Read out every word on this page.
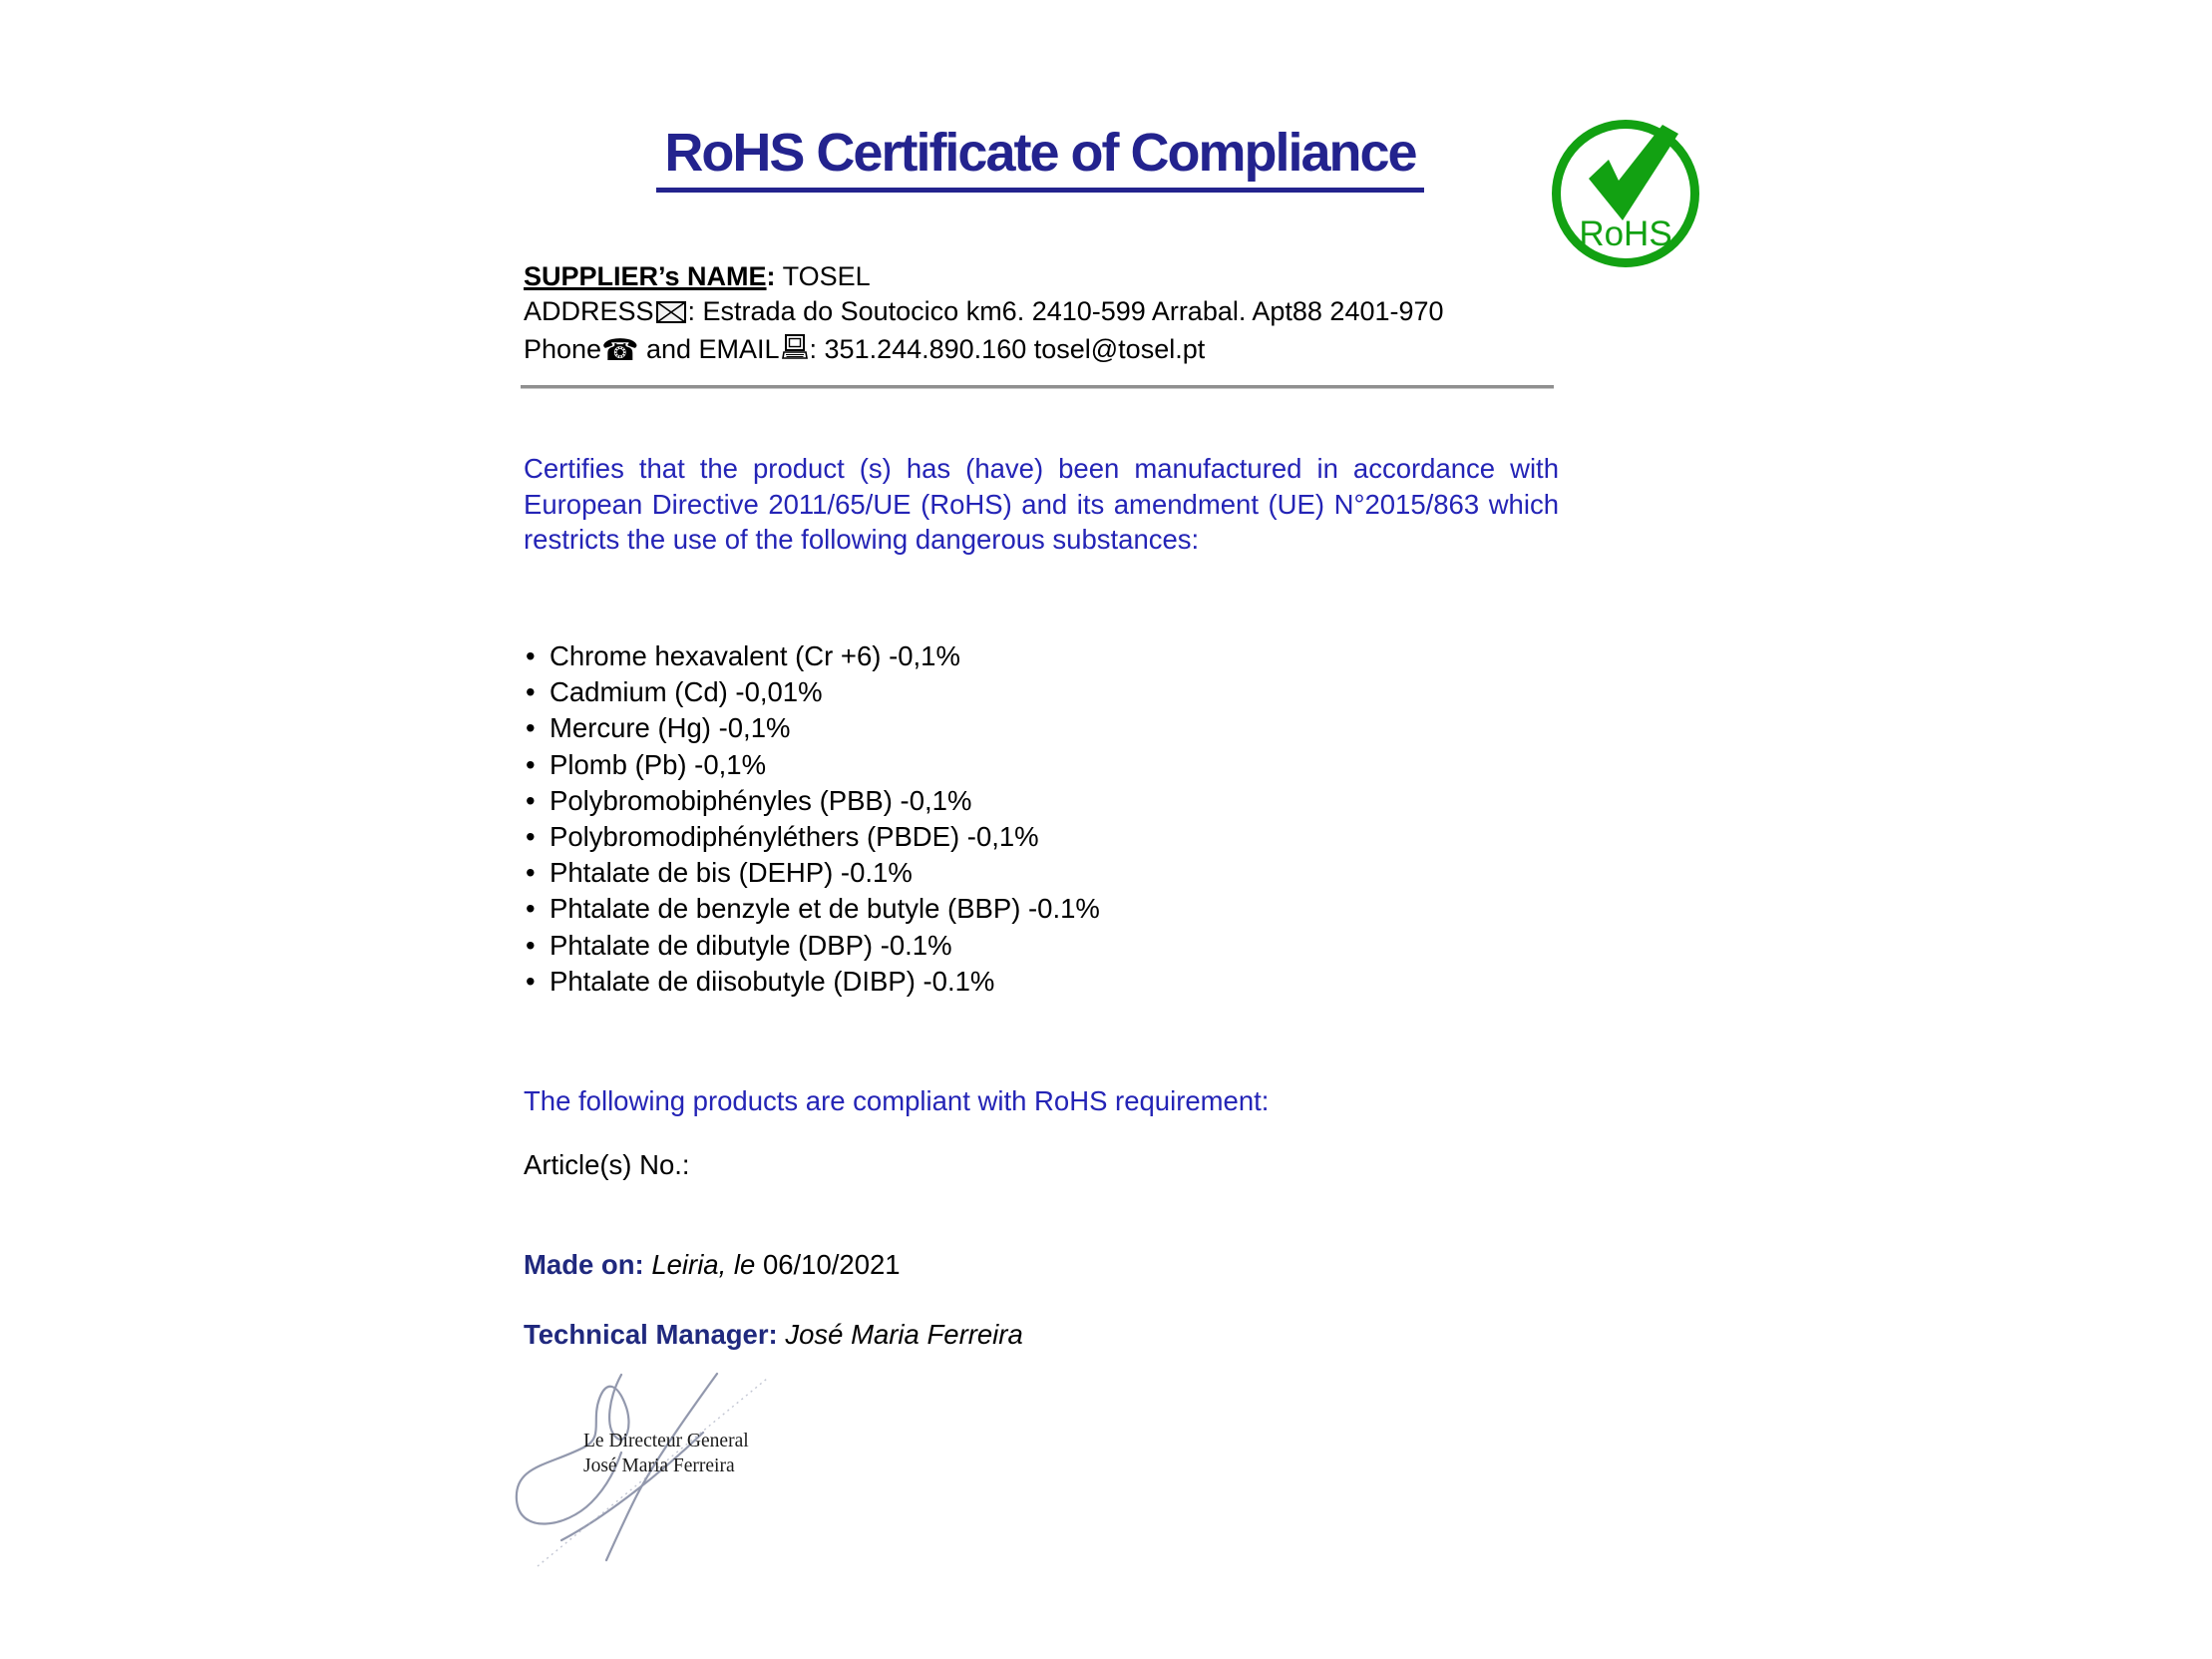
RoHS Certificate of Compliance
RoHS
SUPPLIER’s NAME: TOSEL
ADDRESS : Estrada do Soutocico km6. 2410-599 Arrabal. Apt88 2401-970
Phone☎ and EMAIL : 351.244.890.160 tosel@tosel.pt
Certifies that the product (s) has (have) been manufactured in accordance with European Directive 2011/65/UE (RoHS) and its amendment (UE) N°2015/863 which restricts the use of the following dangerous substances:
• Chrome hexavalent (Cr +6) -0,1%
• Cadmium (Cd) -0,01%
• Mercure (Hg) -0,1%
• Plomb (Pb) -0,1%
• Polybromobiphényles (PBB) -0,1%
• Polybromodiphényléthers (PBDE) -0,1%
• Phtalate de bis (DEHP) -0.1%
• Phtalate de benzyle et de butyle (BBP) -0.1%
• Phtalate de dibutyle (DBP) -0.1%
• Phtalate de diisobutyle (DIBP) -0.1%
The following products are compliant with RoHS requirement:
Article(s) No.:
Made on: Leiria, le 06/10/2021
Technical Manager: José Maria Ferreira
Le Directeur General
José Maria Ferreira
